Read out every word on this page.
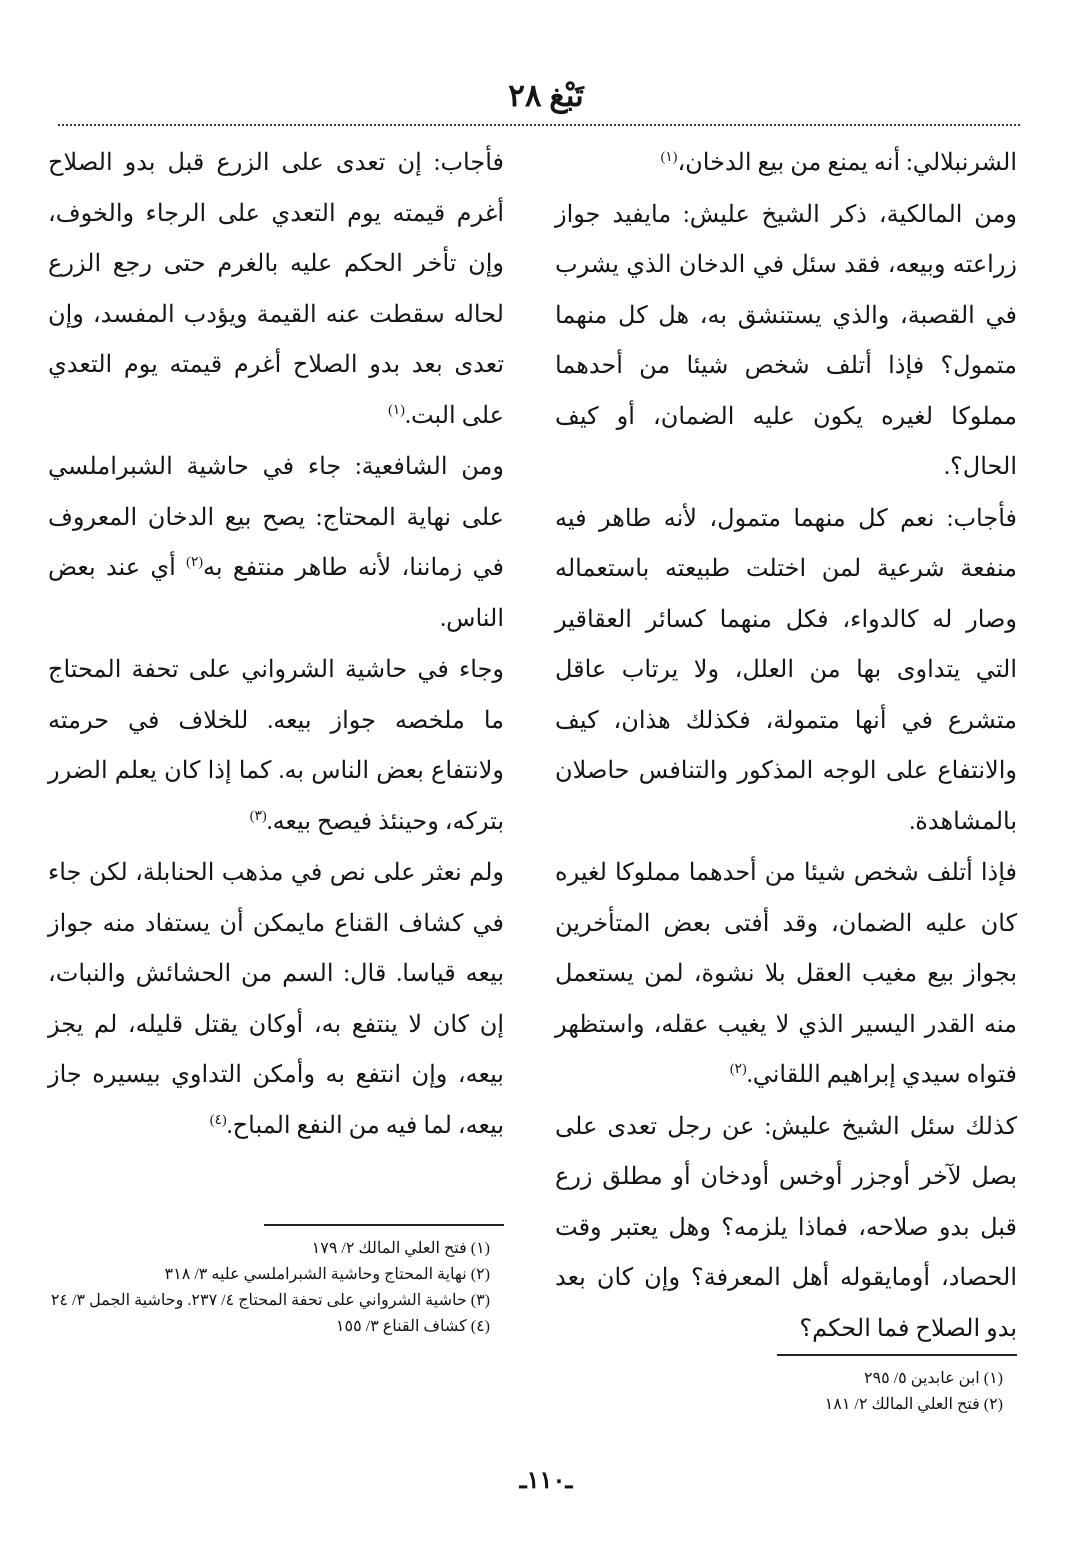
تَبْغ ٢٨

الشرنبلالي: أنه يمنع من بيع الدخان،$^{(١)}$

ومن المالكية، ذكر الشيخ عليش: مايفيد جواز زراعته وبيعه، فقد سئل في الدخان الذي يشرب في القصبة، والذي يستنشق به، هل كل منهما متمول؟ فإذا أتلف شخص شيئا من أحدهما مملوكا لغيره يكون عليه الضمان، أو كيف الحال؟.

فأجاب: نعم كل منهما متمول، لأنه طاهر فيه منفعة شرعية لمن اختلت طبيعته باستعماله وصار له كالدواء، فكل منهما كسائر العقاقير التي يتداوى بها من العلل، ولا يرتاب عاقل متشرع في أنها متمولة، فكذلك هذان، كيف والانتفاع على الوجه المذكور والتنافس حاصلان بالمشاهدة.

فإذا أتلف شخص شيئا من أحدهما مملوكا لغيره كان عليه الضمان، وقد أفتى بعض المتأخرين بجواز بيع مغيب العقل بلا نشوة، لمن يستعمل منه القدر اليسير الذي لا يغيب عقله، واستظهر فتواه سيدي إبراهيم اللقاني.$^{(٢)}$

كذلك سئل الشيخ عليش: عن رجل تعدى على بصل لآخر أوجزر أوخس أودخان أو مطلق زرع قبل بدو صلاحه، فماذا يلزمه؟ وهل يعتبر وقت الحصاد، أومايقوله أهل المعرفة؟ وإن كان بعد بدو الصلاح فما الحكم؟

(١) ابن عابدين ٥/ ٢٩٥

(٢) فتح العلي المالك ٢/ ١٨١

فأجاب: إن تعدى على الزرع قبل بدو الصلاح أغرم قيمته يوم التعدي على الرجاء والخوف، وإن تأخر الحكم عليه بالغرم حتى رجع الزرع لحاله سقطت عنه القيمة ويؤدب المفسد، وإن تعدى بعد بدو الصلاح أغرم قيمته يوم التعدي على البت.$^{(١)}$

ومن الشافعية: جاء في حاشية الشبراملسي على نهاية المحتاج: يصح بيع الدخان المعروف في زماننا، لأنه طاهر منتفع به$^{(٢)}$ أي عند بعض الناس.

وجاء في حاشية الشرواني على تحفة المحتاج ما ملخصه جواز بيعه. للخلاف في حرمته ولانتفاع بعض الناس به. كما إذا كان يعلم الضرر بتركه، وحينئذ فيصح بيعه.$^{(٣)}$

ولم نعثر على نص في مذهب الحنابلة، لكن جاء في كشاف القناع مايمكن أن يستفاد منه جواز بيعه قياسا. قال: السم من الحشائش والنبات، إن كان لا ينتفع به، أوكان يقتل قليله، لم يجز بيعه، وإن انتفع به وأمكن التداوي بيسيره جاز بيعه، لما فيه من النفع المباح.$^{(٤)}$

(١) فتح العلي المالك ٢/ ١٧٩

(٢) نهاية المحتاج وحاشية الشبراملسي عليه ٣/ ٣١٨

(٣) حاشية الشرواني على تحفة المحتاج ٤/ ٢٣٧. وحاشية الجمل ٣/ ٢٤

(٤) كشاف القناع ٣/ ١٥٥

ـ١١٠ـ
